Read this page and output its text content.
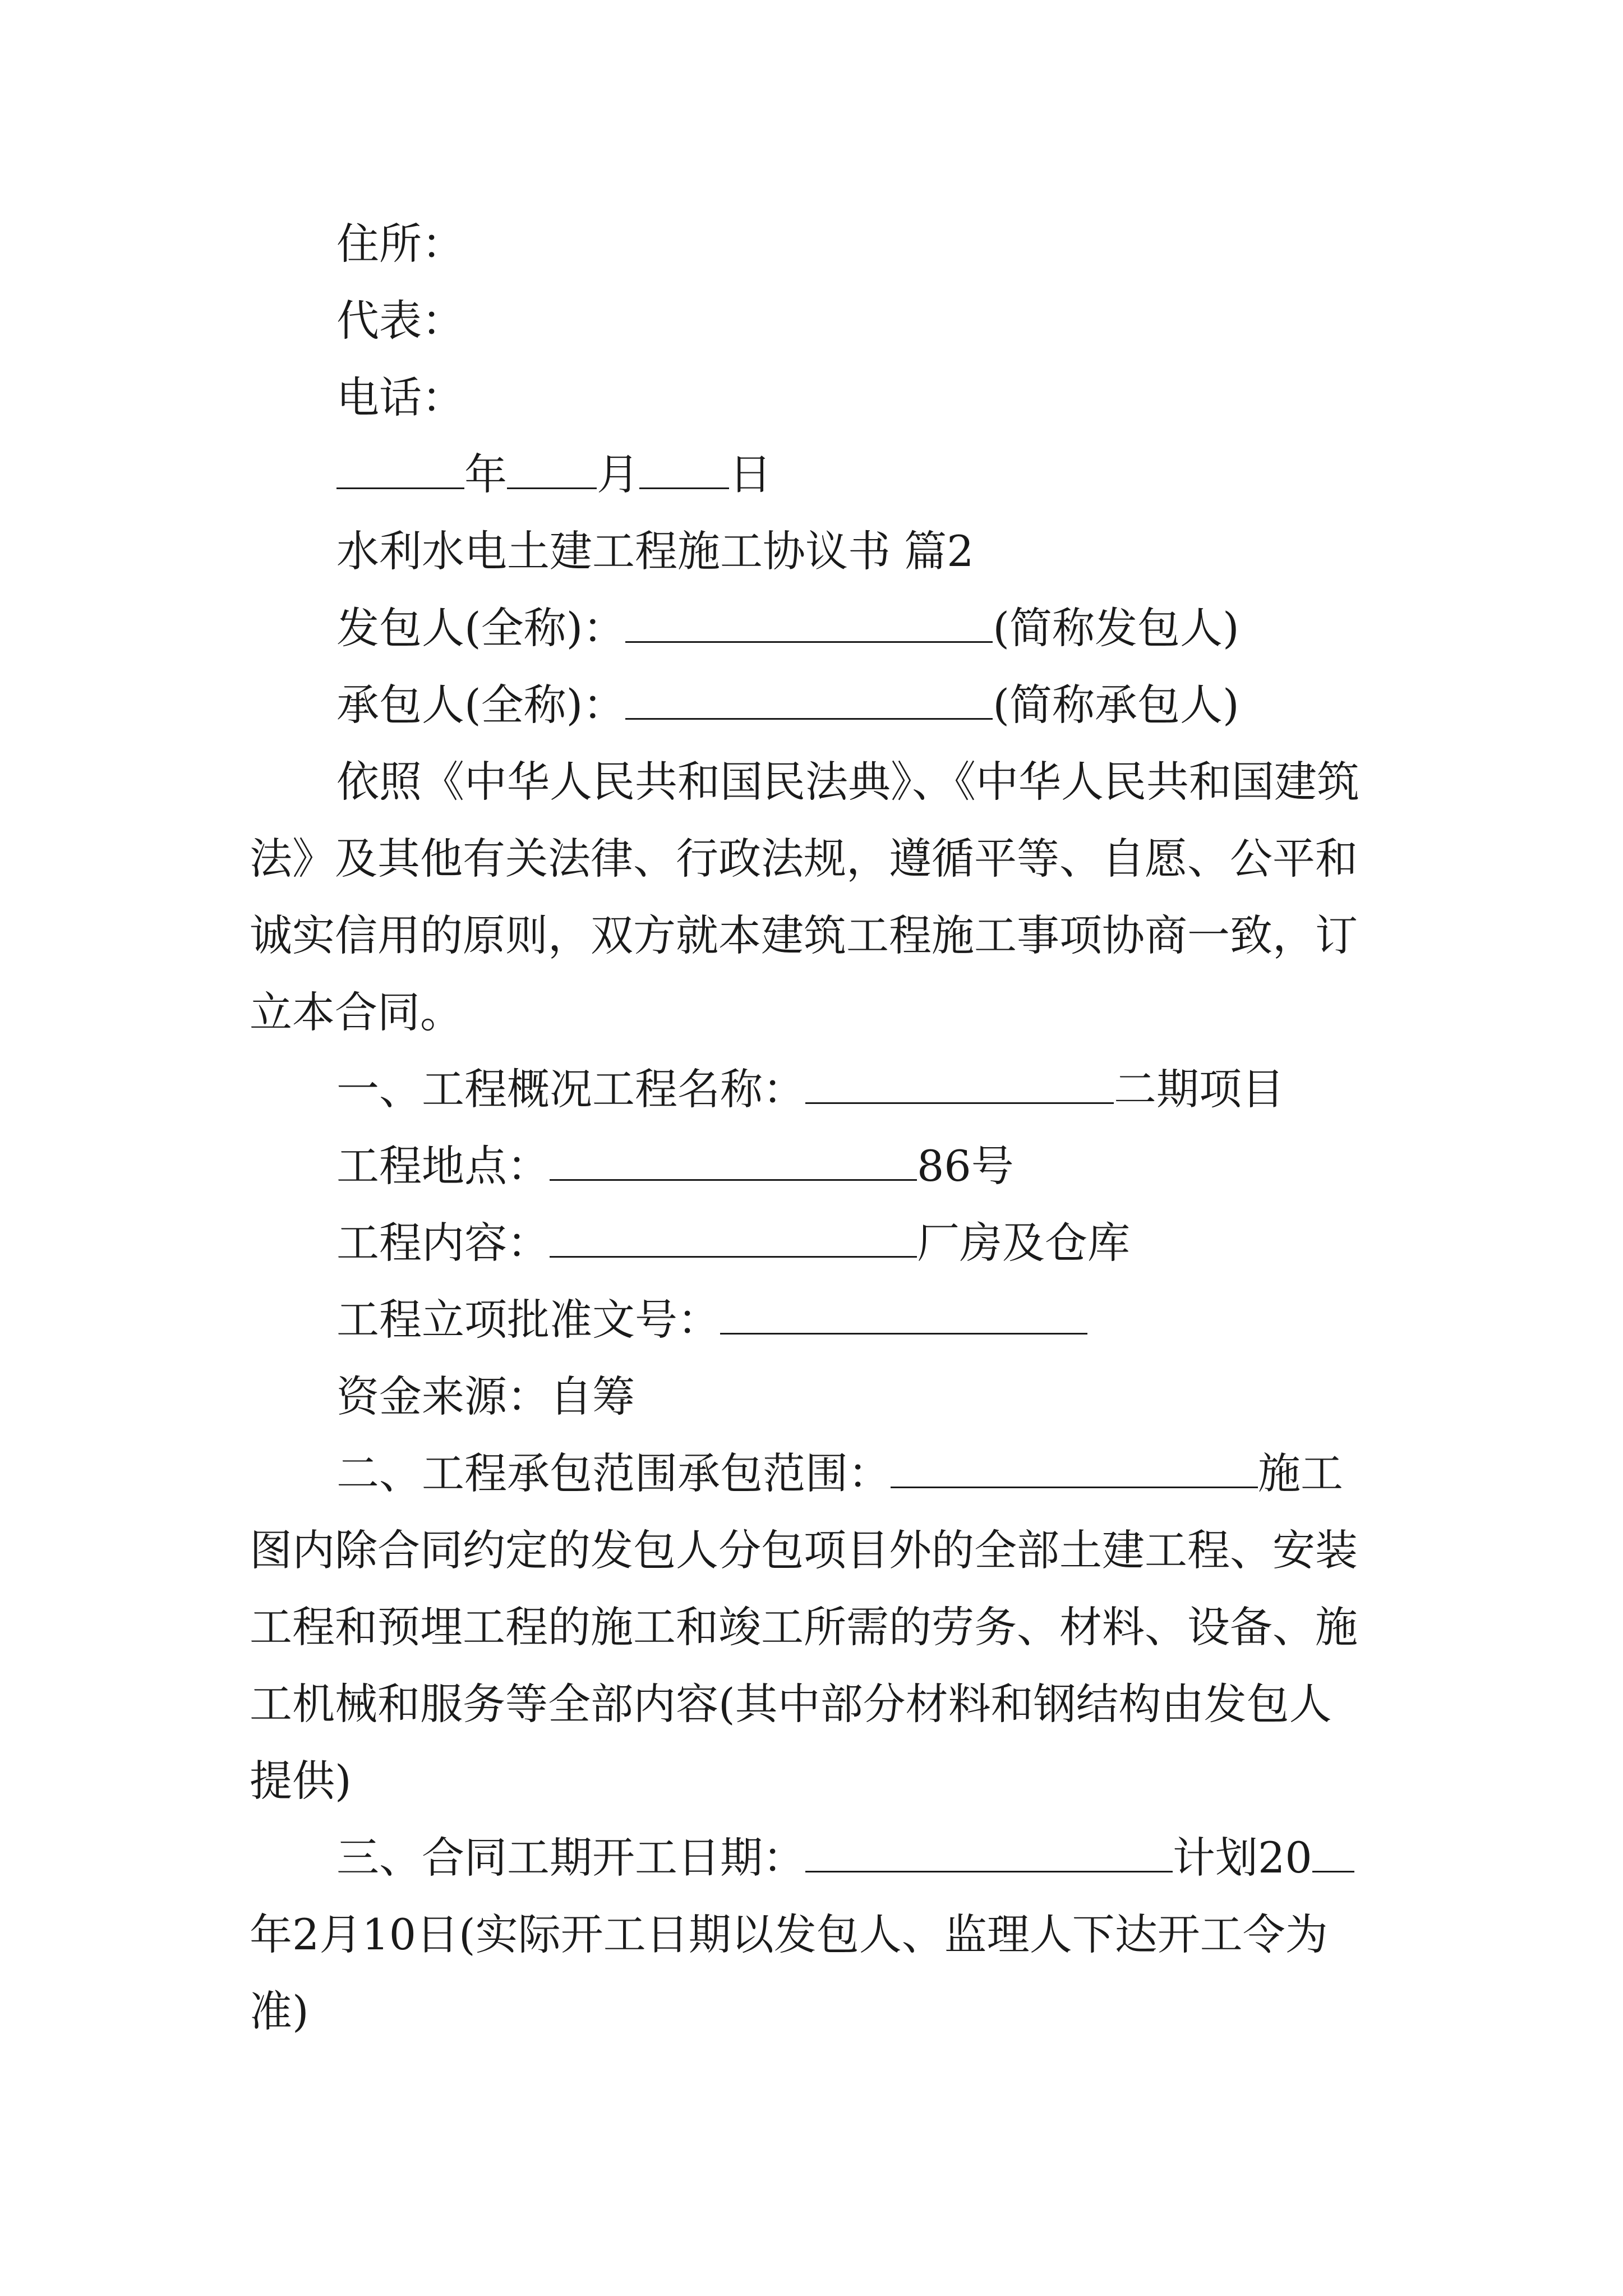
住所：
代表：
电话：
年 月 日
水利水电土建工程施工协议书 篇2
发包人(全称)：	(简称发包人)
承包人(全称)：	(简称承包人)
依照《中华人民共和国民法典》、《中华人民共和国建筑
法》及其他有关法律、行政法规，遵循平等、自愿、公平和
诚实信用的原则，双方就本建筑工程施工事项协商一致，订
立本合同。
一、工程概况工程名称：	二期项目
工程地点：	86号
工程内容：	厂房及仓库
工程立项批准文号：
资金来源：自筹
二、工程承包范围承包范围：	施工
图内除合同约定的发包人分包项目外的全部土建工程、安装
工程和预埋工程的施工和竣工所需的劳务、材料、设备、施
工机械和服务等全部内容(其中部分材料和钢结构由发包人
提供)
三、合同工期开工日期：	计划20
年2月10日(实际开工日期以发包人、监理人下达开工令为
准)
